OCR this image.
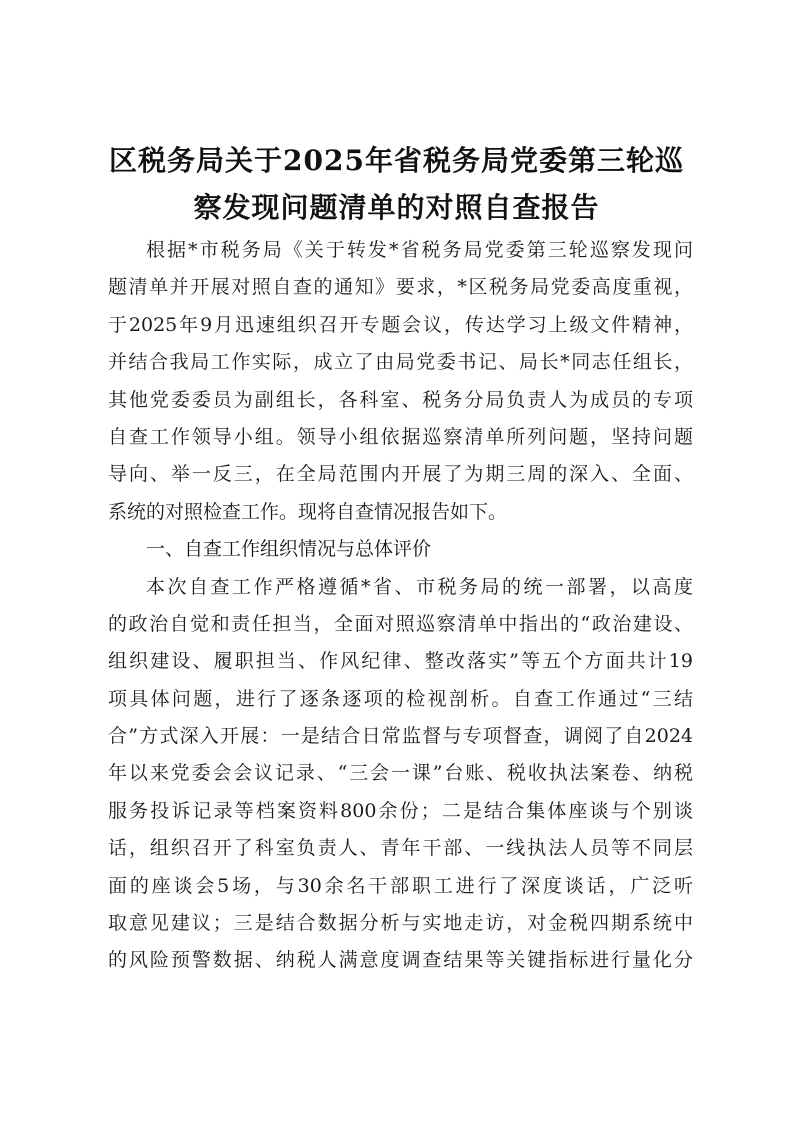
区税务局关于2025年省税务局党委第三轮巡
察发现问题清单的对照自查报告
根据*市税务局《关于转发*省税务局党委第三轮巡察发现问
题清单并开展对照自查的通知》要求，*区税务局党委高度重视，
于2025年9月迅速组织召开专题会议，传达学习上级文件精神，
并结合我局工作实际，成立了由局党委书记、局长*同志任组长，
其他党委委员为副组长，各科室、税务分局负责人为成员的专项
自查工作领导小组。领导小组依据巡察清单所列问题，坚持问题
导向、举一反三，在全局范围内开展了为期三周的深入、全面、
系统的对照检查工作。现将自查情况报告如下。
一、自查工作组织情况与总体评价
本次自查工作严格遵循*省、市税务局的统一部署，以高度
的政治自觉和责任担当，全面对照巡察清单中指出的“政治建设、
组织建设、履职担当、作风纪律、整改落实”等五个方面共计19
项具体问题，进行了逐条逐项的检视剖析。自查工作通过“三结
合”方式深入开展：一是结合日常监督与专项督查，调阅了自2024
年以来党委会会议记录、“三会一课”台账、税收执法案卷、纳税
服务投诉记录等档案资料800余份；二是结合集体座谈与个别谈
话，组织召开了科室负责人、青年干部、一线执法人员等不同层
面的座谈会5场，与30余名干部职工进行了深度谈话，广泛听
取意见建议；三是结合数据分析与实地走访，对金税四期系统中
的风险预警数据、纳税人满意度调查结果等关键指标进行量化分
